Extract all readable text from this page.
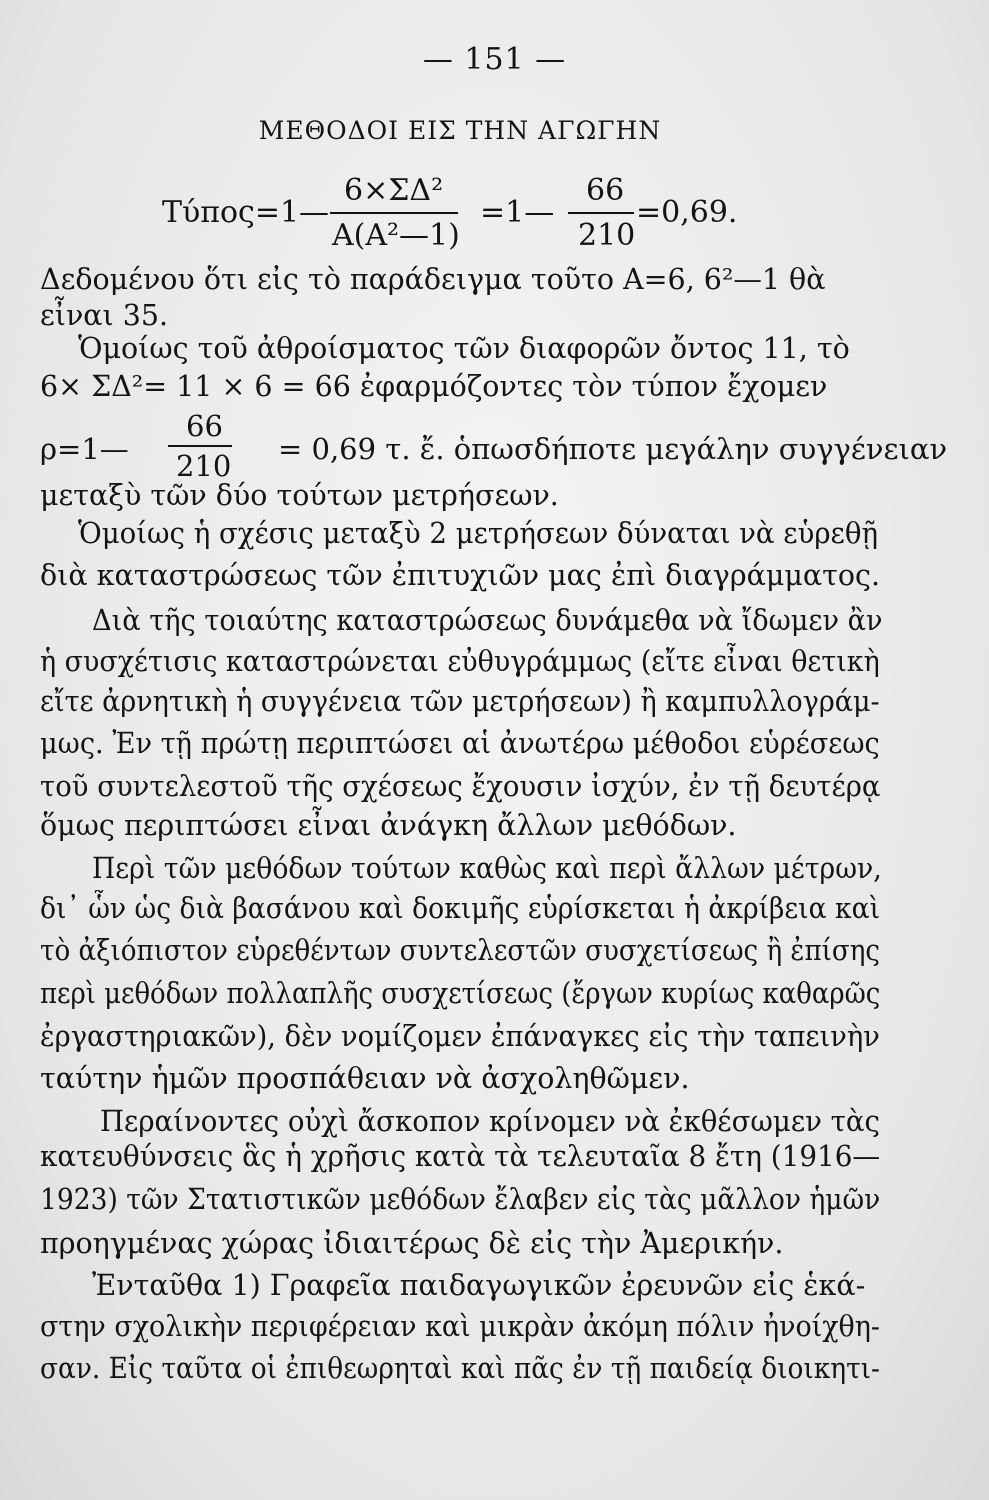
— 151 —
ΜΕΘΟΔΟΙ ΕΙΣ ΤΗΝ ΑΓΩΓΗΝ
Τύπος=1—
6×ΣΔ²
Α(Α²—1)
=1—
66
210
=0,69.
Δεδομένου ὅτι εἰς τὸ παράδειγμα τοῦτο Α=6, 6²—1 θὰ
εἶναι 35.
Ὁμοίως τοῦ ἀθροίσματος τῶν διαφορῶν ὄντος 11, τὸ
6× ΣΔ²= 11 × 6 = 66 ἐφαρμόζοντες τὸν τύπον ἔχομεν
ρ=1—
66
210 = 0,69 τ. ἔ. ὁπωσδήποτε μεγάλην συγγένειαν
μεταξὺ τῶν δύο τούτων μετρήσεων.
Ὁμοίως ἡ σχέσις μεταξὺ 2 μετρήσεων δύναται νὰ εὑρεθῇ
διὰ καταστρώσεως τῶν ἐπιτυχιῶν μας ἐπὶ διαγράμματος.
Διὰ τῆς τοιαύτης καταστρώσεως δυνάμεθα νὰ ἴδωμεν ἂν
ἡ συσχέτισις καταστρώνεται εὐθυγράμμως (εἴτε εἶναι θετικὴ
εἴτε ἀρνητικὴ ἡ συγγένεια τῶν μετρήσεων) ἢ καμπυλλογράμ-
μως. Ἐν τῇ πρώτῃ περιπτώσει αἱ ἀνωτέρω μέθοδοι εὑρέσεως
τοῦ συντελεστοῦ τῆς σχέσεως ἔχουσιν ἰσχύν, ἐν τῇ δευτέρᾳ
ὅμως περιπτώσει εἶναι ἀνάγκη ἄλλων μεθόδων.
Περὶ τῶν μεθόδων τούτων καθὼς καὶ περὶ ἄλλων μέτρων,
δι᾽ ὧν ὡς διὰ βασάνου καὶ δοκιμῆς εὑρίσκεται ἡ ἀκρίβεια καὶ
τὸ ἀξιόπιστον εὑρεθέντων συντελεστῶν συσχετίσεως ἢ ἐπίσης
περὶ μεθόδων πολλαπλῆς συσχετίσεως (ἔργων κυρίως καθαρῶς
ἐργαστηριακῶν), δὲν νομίζομεν ἐπάναγκες εἰς τὴν ταπεινὴν
ταύτην ἡμῶν προσπάθειαν νὰ ἀσχοληθῶμεν.
Περαίνοντες οὐχὶ ἄσκοπον κρίνομεν νὰ ἐκθέσωμεν τὰς
κατευθύνσεις ἃς ἡ χρῆσις κατὰ τὰ τελευταῖα 8 ἔτη (1916—
1923) τῶν Στατιστικῶν μεθόδων ἔλαβεν εἰς τὰς μᾶλλον ἡμῶν
προηγμένας χώρας ἰδιαιτέρως δὲ εἰς τὴν Ἀμερικήν.
Ἐνταῦθα 1) Γραφεῖα παιδαγωγικῶν ἐρευνῶν εἰς ἑκά-
στην σχολικὴν περιφέρειαν καὶ μικρὰν ἀκόμη πόλιν ἠνοίχθη-
σαν. Εἰς ταῦτα οἱ ἐπιθεωρηταὶ καὶ πᾶς ἐν τῇ παιδείᾳ διοικητι-
